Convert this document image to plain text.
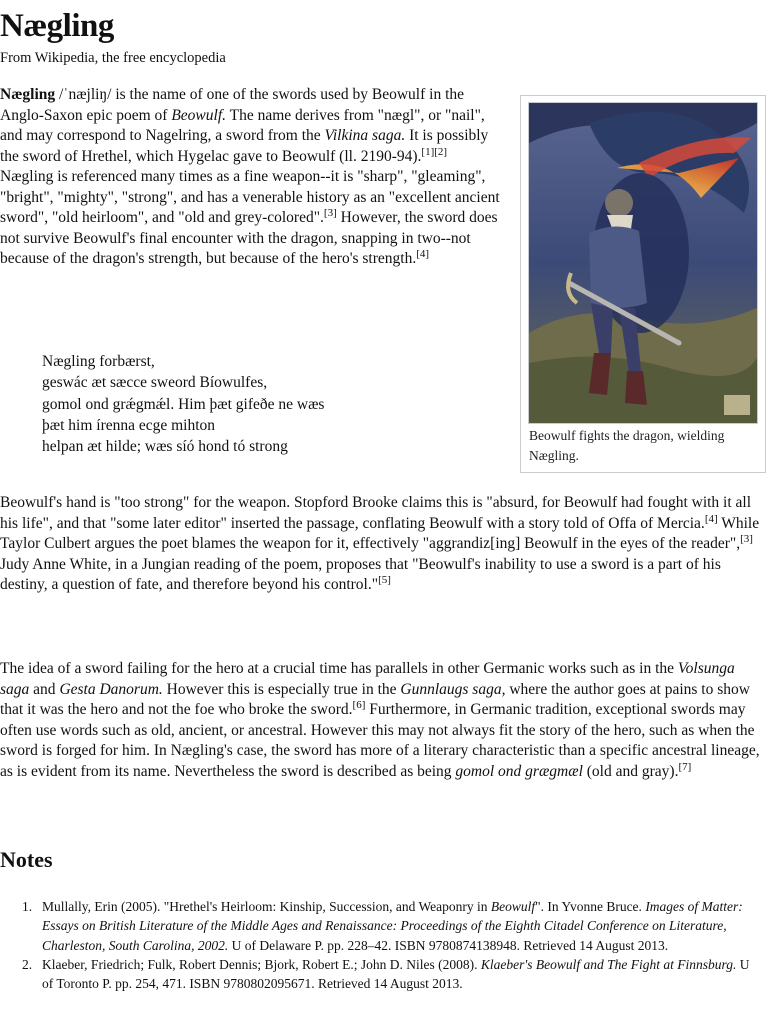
Nægling
From Wikipedia, the free encyclopedia

Nægling /ˈnæjliŋ/ is the name of one of the swords used by Beowulf in the Anglo-Saxon epic poem of Beowulf. The name derives from "nægl", or "nail", and may correspond to Nagelring, a sword from the Vilkina saga. It is possibly the sword of Hrethel, which Hygelac gave to Beowulf (ll. 2190-94).[1][2] Nægling is referenced many times as a fine weapon--it is "sharp", "gleaming", "bright", "mighty", "strong", and has a venerable history as an "excellent ancient sword", "old heirloom", and "old and grey-colored".[3] However, the sword does not survive Beowulf's final encounter with the dragon, snapping in two--not because of the dragon's strength, but because of the hero's strength.[4]

Nægling forbærst,
geswác æt sæcce sweord Bíowulfes,
gomol ond grǽgmǽl. Him þæt gifeðe ne wæs
þæt him írenna ecge mihton
helpan æt hilde; wæs síó hond tó strong
Beowulf fights the dragon, wielding Nægling.

Beowulf's hand is "too strong" for the weapon. Stopford Brooke claims this is "absurd, for Beowulf had fought with it all his life", and that "some later editor" inserted the passage, conflating Beowulf with a story told of Offa of Mercia.[4] While Taylor Culbert argues the poet blames the weapon for it, effectively "aggrandiz[ing] Beowulf in the eyes of the reader",[3] Judy Anne White, in a Jungian reading of the poem, proposes that "Beowulf's inability to use a sword is a part of his destiny, a question of fate, and therefore beyond his control."[5]

The idea of a sword failing for the hero at a crucial time has parallels in other Germanic works such as in the Volsunga saga and Gesta Danorum. However this is especially true in the Gunnlaugs saga, where the author goes at pains to show that it was the hero and not the foe who broke the sword.[6] Furthermore, in Germanic tradition, exceptional swords may often use words such as old, ancient, or ancestral. However this may not always fit the story of the hero, such as when the sword is forged for him. In Nægling's case, the sword has more of a literary characteristic than a specific ancestral lineage, as is evident from its name. Nevertheless the sword is described as being gomol ond grægmæl (old and gray).[7]

Notes
1. Mullally, Erin (2005). "Hrethel's Heirloom: Kinship, Succession, and Weaponry in Beowulf". In Yvonne Bruce. Images of Matter: Essays on British Literature of the Middle Ages and Renaissance: Proceedings of the Eighth Citadel Conference on Literature, Charleston, South Carolina, 2002. U of Delaware P. pp. 228–42. ISBN 9780874138948. Retrieved 14 August 2013.
2. Klaeber, Friedrich; Fulk, Robert Dennis; Bjork, Robert E.; John D. Niles (2008). Klaeber's Beowulf and The Fight at Finnsburg. U of Toronto P. pp. 254, 471. ISBN 9780802095671. Retrieved 14 August 2013.
